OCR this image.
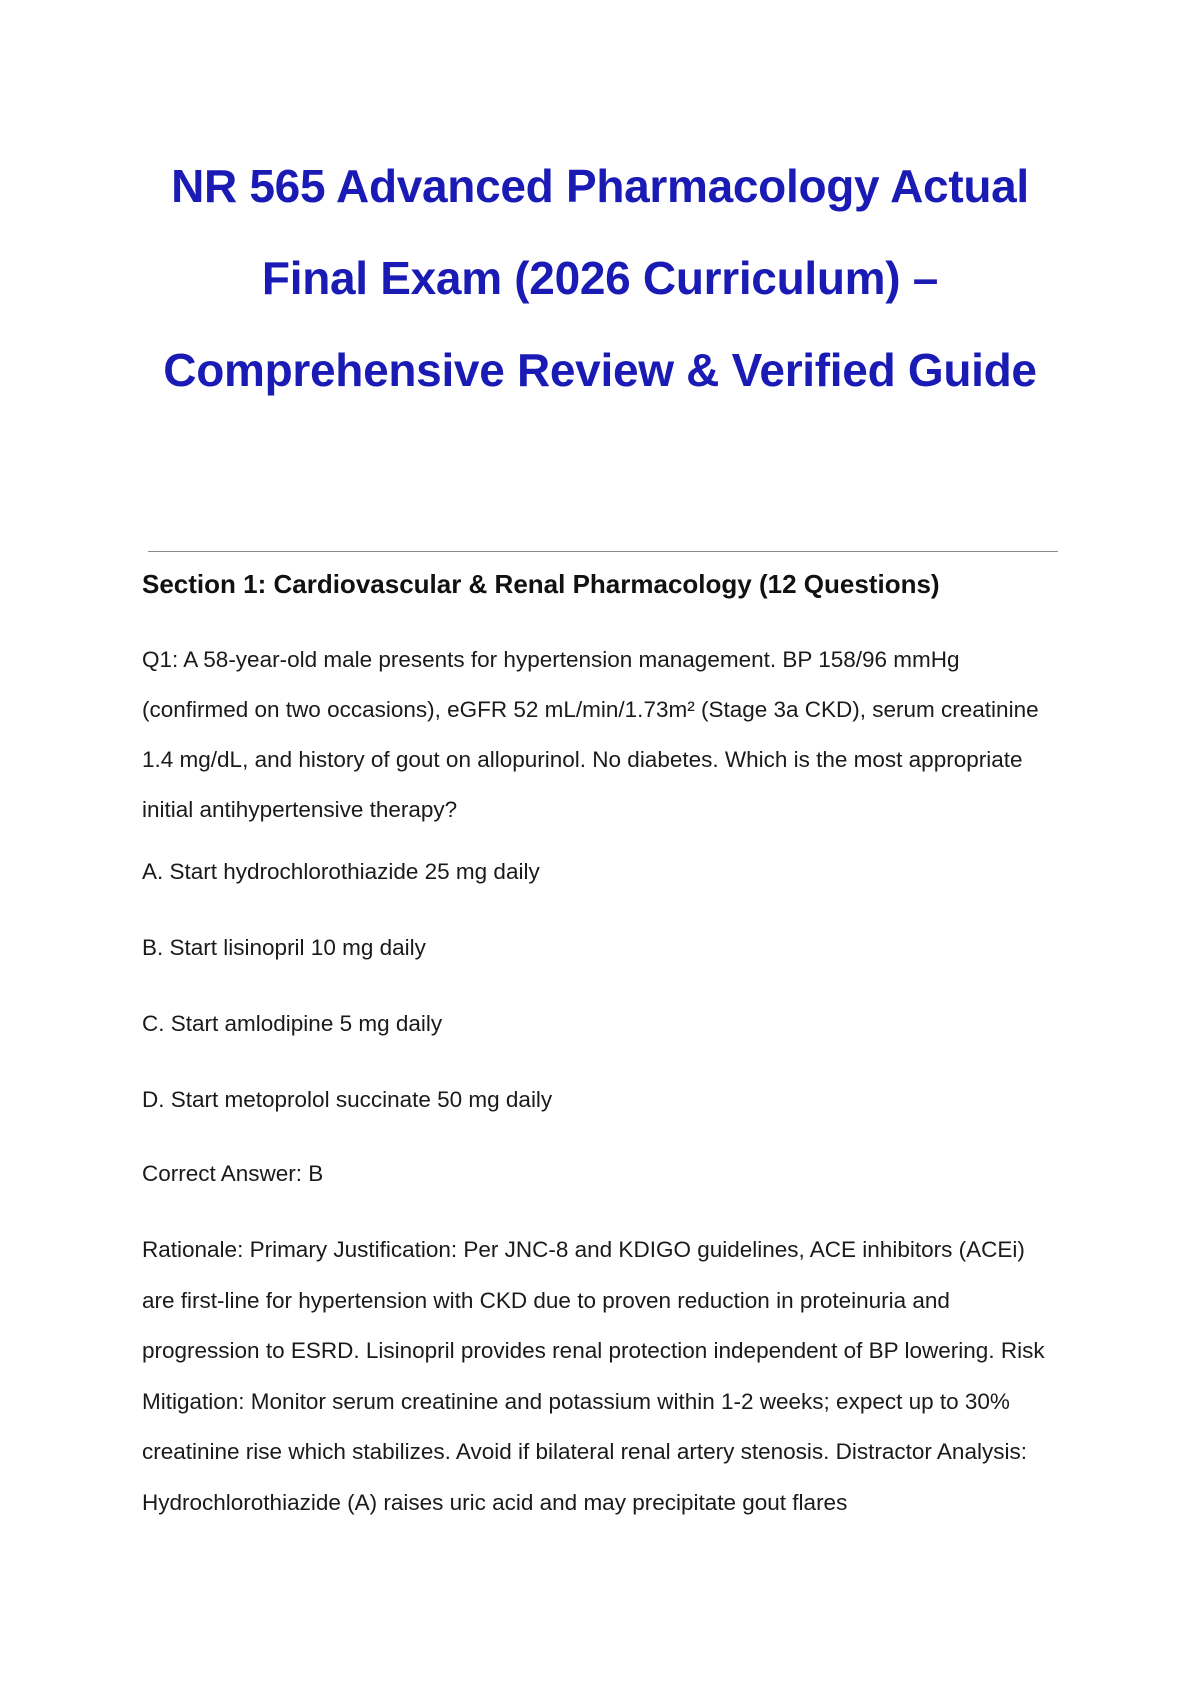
NR 565 Advanced Pharmacology Actual Final Exam (2026 Curriculum) – Comprehensive Review & Verified Guide
Section 1: Cardiovascular & Renal Pharmacology (12 Questions)

Q1: A 58-year-old male presents for hypertension management. BP 158/96 mmHg (confirmed on two occasions), eGFR 52 mL/min/1.73m² (Stage 3a CKD), serum creatinine 1.4 mg/dL, and history of gout on allopurinol. No diabetes. Which is the most appropriate initial antihypertensive therapy?

A. Start hydrochlorothiazide 25 mg daily
B. Start lisinopril 10 mg daily
C. Start amlodipine 5 mg daily
D. Start metoprolol succinate 50 mg daily

Correct Answer: B

Rationale: Primary Justification: Per JNC-8 and KDIGO guidelines, ACE inhibitors (ACEi) are first-line for hypertension with CKD due to proven reduction in proteinuria and progression to ESRD. Lisinopril provides renal protection independent of BP lowering. Risk Mitigation: Monitor serum creatinine and potassium within 1-2 weeks; expect up to 30% creatinine rise which stabilizes. Avoid if bilateral renal artery stenosis. Distractor Analysis: Hydrochlorothiazide (A) raises uric acid and may precipitate gout flares
